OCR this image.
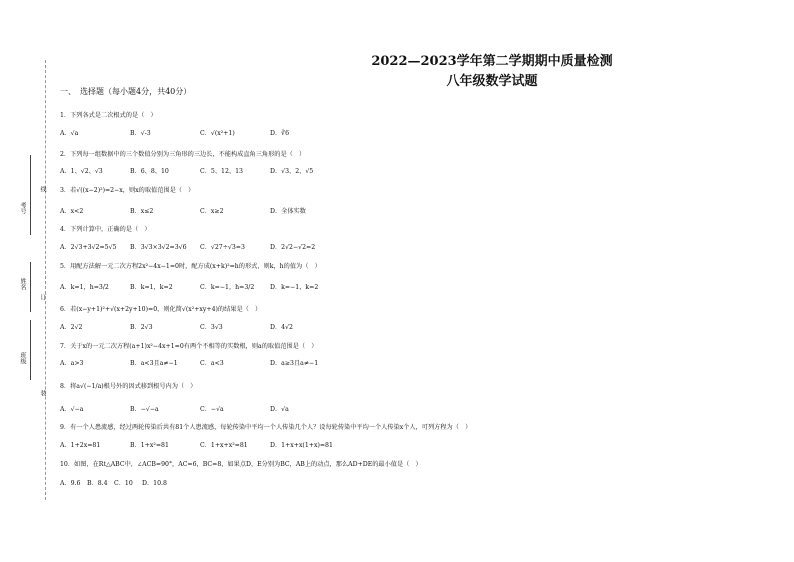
考号
姓名
班级
线
订
装
2022—2023学年第二学期期中质量检测
八年级数学试题
一、　选择题（每小题4分，共40分）
1．下列各式是二次根式的是（　）
A．√a	B．√-3	C．√(x²+1)	D．∛6
2．下列每一组数据中的三个数值分别为三角形的三边长，不能构成直角三角形的是（　）
A．1、√2、√3	B．6、8、10	C．5、12、13	D．√3、2、√5
3．若√((x−2)²)=2−x，则x的取值范围是（　）
A．x<2	B．x≤2	C．x≥2	D．全体实数
4．下列计算中，正确的是（　）
A．2√3+3√2=5√5 B．3√3×3√2=3√6 C．√27÷√3=3	D．2√2−√2=2
5．用配方法解一元二次方程2x²−4x−1=0时，配方成(x+k)²=h的形式，则k，h的值为（　）
A．k=1，h=3/2	B．k=1，k=2	C．k=−1，h=3/2	D．k=−1，k=2
6．若(x−y+1)²+√(x+2y+10)=0，则化简√(x²+xy+4)的结果是（　）
A．2√2	B．2√3	C．3√3	D．4√2
7．关于x的一元二次方程(a+1)x²−4x+1=0有两个不相等的实数根，则a的取值范围是（　）
A．a>3	B．a<3且a≠−1	C．a<3	D．a≥3且a≠−1
8．将a√(−1/a)根号外的因式移到根号内为（　）
A．√−a	B．−√−a	C．−√a	D．√a
9．有一个人患流感，经过两轮传染后共有81个人患流感，每轮传染中平均一个人传染几个人？设每轮传染中平均一个人传染x个人，可列方程为（　）
A．1+2x=81	B．1+x²=81	C．1+x+x²=81	D．1+x+x(1+x)=81
10．如图，在Rt△ABC中，∠ACB=90°，AC=6，BC=8，如果点D，E分别为BC，AB上的动点，那么AD+DE的最小值是（　）
A．9.6 B．8.4 C．10 D．10.8
